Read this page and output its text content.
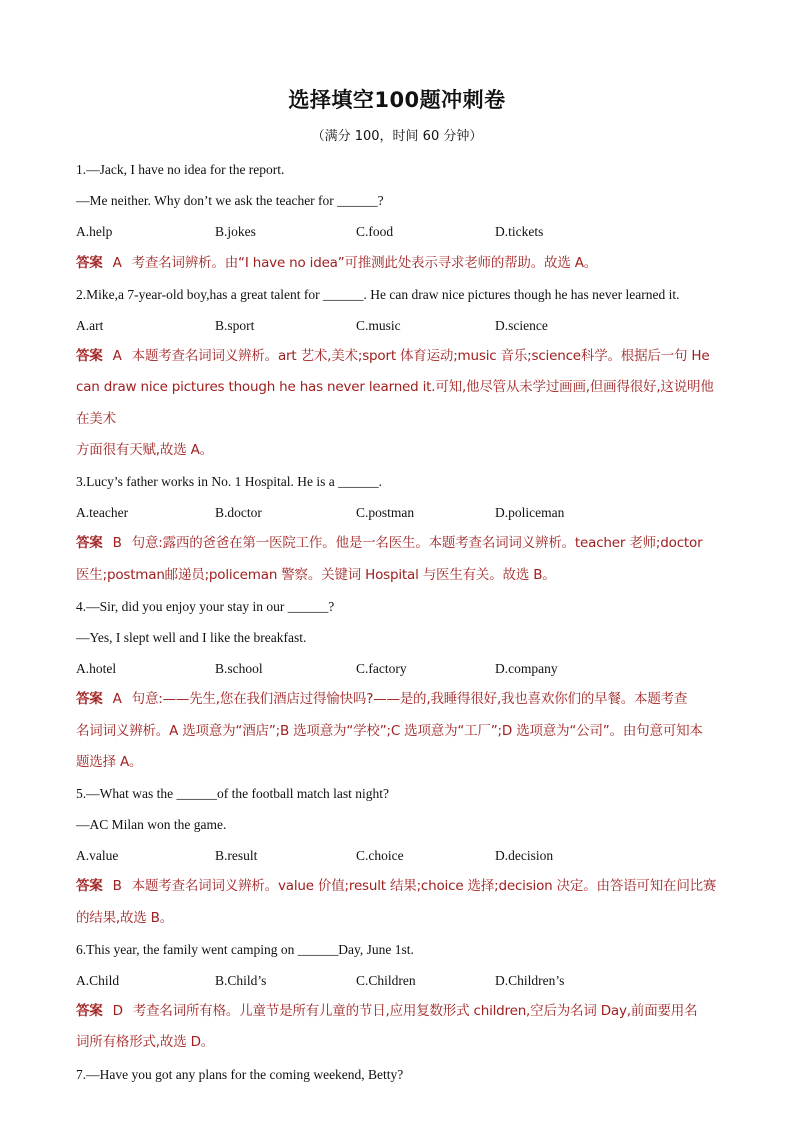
选择填空100题冲刺卷
（满分 100，时间 60 分钟）
1.—Jack, I have no idea for the report.
—Me neither. Why don’t we ask the teacher for ______?
A.help	B.jokes	C.food	D.tickets
答案 A 考查名词辨析。由“I have no idea”可推测此处表示寻求老师的帮助。故选 A。
2.Mike,a 7-year-old boy,has a great talent for ______. He can draw nice pictures though he has never learned it.
A.art	B.sport	C.music	D.science
答案 A 本题考查名词词义辨析。art 艺术,美术;sport 体育运动;music 音乐;science科学。根据后一句 He
can draw nice pictures though he has never learned it.可知,他尽管从未学过画画,但画得很好,这说明他在美术
方面很有天赋,故选 A。
3.Lucy’s father works in No. 1 Hospital. He is a ______.
A.teacher	B.doctor	C.postman	D.policeman
答案 B 句意:露西的爸爸在第一医院工作。他是一名医生。本题考查名词词义辨析。teacher 老师;doctor
医生;postman邮递员;policeman 警察。关键词 Hospital 与医生有关。故选 B。
4.—Sir, did you enjoy your stay in our ______?
—Yes, I slept well and I like the breakfast.
A.hotel	B.school	C.factory	D.company
答案 A 句意:——先生,您在我们酒店过得愉快吗?——是的,我睡得很好,我也喜欢你们的早餐。本题考查
名词词义辨析。A 选项意为“酒店”;B 选项意为“学校”;C 选项意为“工厂”;D 选项意为“公司”。由句意可知本
题选择 A。
5.—What was the ______of the football match last night?
—AC Milan won the game.
A.value	B.result	C.choice	D.decision
答案 B 本题考查名词词义辨析。value 价值;result 结果;choice 选择;decision 决定。由答语可知在问比赛
的结果,故选 B。
6.This year, the family went camping on ______Day, June 1st.
A.Child	B.Child’s	C.Children	D.Children’s
答案 D 考查名词所有格。儿童节是所有儿童的节日,应用复数形式 children,空后为名词 Day,前面要用名
词所有格形式,故选 D。
7.—Have you got any plans for the coming weekend, Betty?
